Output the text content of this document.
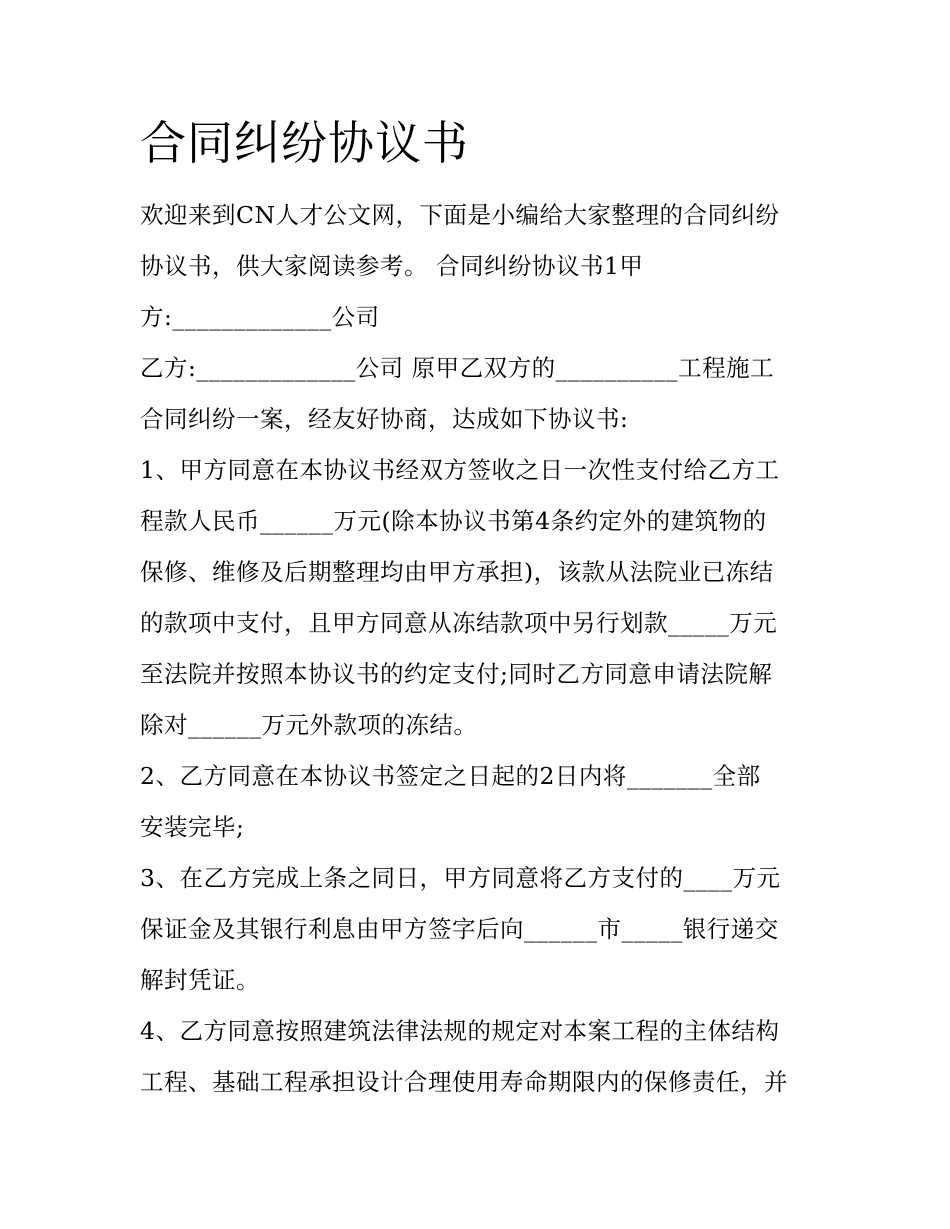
合同纠纷协议书
欢迎来到CN人才公文网，下面是小编给大家整理的合同纠纷
协议书，供大家阅读参考。 合同纠纷协议书1甲
方:_____________公司
乙方:_____________公司 原甲乙双方的__________工程施工
合同纠纷一案，经友好协商，达成如下协议书:
1、甲方同意在本协议书经双方签收之日一次性支付给乙方工
程款人民币______万元(除本协议书第4条约定外的建筑物的
保修、维修及后期整理均由甲方承担)，该款从法院业已冻结
的款项中支付，且甲方同意从冻结款项中另行划款_____万元
至法院并按照本协议书的约定支付;同时乙方同意申请法院解
除对______万元外款项的冻结。
2、乙方同意在本协议书签定之日起的2日内将_______全部
安装完毕;
3、在乙方完成上条之同日，甲方同意将乙方支付的____万元
保证金及其银行利息由甲方签字后向______市_____银行递交
解封凭证。
4、乙方同意按照建筑法律法规的规定对本案工程的主体结构
工程、基础工程承担设计合理使用寿命期限内的保修责任，并
